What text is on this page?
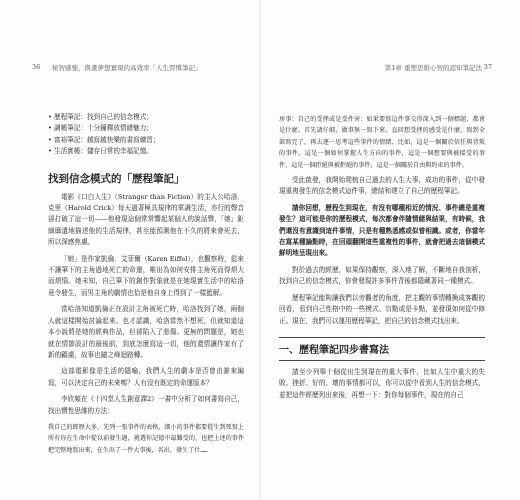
36 秘智感強，與畫夢想實現的高效率「人生習慣筆記」

• 歷程筆記：找到自己的信念模式；

• 調帳筆記：十分鐘釋放情緒魅力；

• 富裕筆記：越寫越快樂的書寫練習；

• 生活實帳：儲存日常的幸福記憶。

找到信念模式的「歷程筆記」

電影《口白人生》（Stranger than Fiction）的主人公哈洛．克里（Harold Crick）每天過著極具規律的單調生活，亦行的聲音卻打破了這一切——他發現這個常常響起某個人的說話聲，「她」鉅細靡遺地描述他的生活規律，甚至能預測他在不久的將來會死去，所以深感焦慮。

「她」是作家凱倫．艾菲爾（Karen Eiffel），也觀察時，從來不讓筆下的主角過地死亡的命運，唯出為如何安排主角死而得煩大而煩惱。她未知，自己筆下的創作對象就是在她現實生活中的哈洛竟令發生，而男主角的劇情也恰是他自身上得到了一樣籃解。

當哈洛知道凱倫正在設計主角被死亡時，哈洛找到了她，兩個人就這樣開始討論起來。也才認識，哈洛當然不想死，但就知道這本小說將是她的經典作品，但卻陷入了悲傷。更無的問題是，她也就在情節設計的最後前，到底怎麼寫這一切，他的還情讓作家有了新的顧慮，故事也隨之峰迴路轉。

這部電影像是生活的隱喻，我們人生的劇本是否曾由誰來編寫，可以決定自己的未來嗎？人有沒有既定的命運版本？

李欣頻在《十四堂人生創意課2》一書中分析了如何書寫自己，找出慣性思維的方法：

我自己的經歷大多，先列一張事件的表格，細小的事件都要從生到死寫上所有你在生命中從以前發生過，挑選你記憶中最難受的，也把上述的事件把完整地寫出來，在生出了一件大事後，名出，發生了什……

第1章 重塑思維心智的認知筆記法 37

房事：自己的受挫或是受件害：如果要寫這件事交得深入到一個標題，都會是什麼。首先請仔細，做事無一寫下來，直回想受挫的感受是什麼，寫到全部寫完了，再去逐一思考這些事件的情緒、比如，這是一個關於信任與背叛的事件，這是一個如何掌握人生方向的事件，這是一個想要與被接受的事件，這是一個拒絕與被拒絕的事件，這是一個關於自由與約束的事件。

受此啟發，我開始爬梳自己過去的人生大事，成功的事件，從中發現重複發生的信念模式這件事，總結和建立了自己的歷程筆記。

請你回想，歷程生到現在，有沒有哪種相近的情況、事件總是重複發生？這可能是你的歷程模式，每次都會伴隨情緒與結果，有時候，我們還沒有意識到這件事情，只是有種熟悉感或似曾相識。或者，你當年在寫某種論點時，在回頭翻開這些重複性的事件，就會把過去這個模式鮮明地呈現出來。

對於過去的經歷，如果保持觀察，深入地了解，不斷地自我剖析，找到自己的信念模式，你會發現許多事件背後都隱藏著同一種模式。

歷程筆記能夠讓我們以旁觀者的角度，把主觀的事情轉換成客觀的回看，看到自己性格中的一些模式、盲點或是卡點，並發現如何從中修正。現在，我們可以運用歷程筆記，把自己的信念模式找出來。

一、歷程筆記四步書寫法

請至少列舉十個從出生到現在的重大事件，比如人生中重大的失敗、挫折、好的、壞的事情都可以，你可以從中看到人生的信念模式，並把這件經歷列出來後，再想一下：對你每個事件，現在的自己
